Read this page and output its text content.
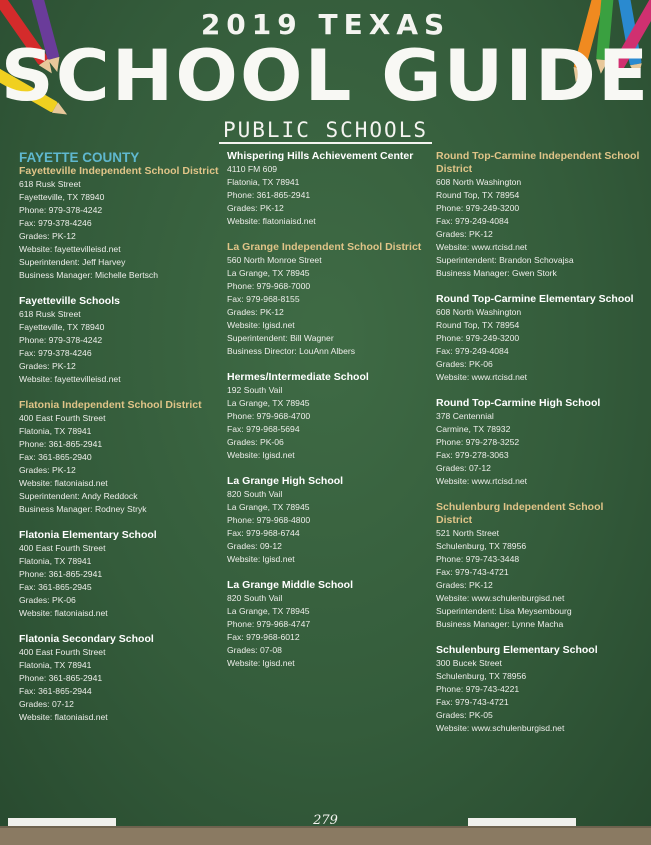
2019 TEXAS
SCHOOL GUIDE
PUBLIC SCHOOLS
FAYETTE COUNTY
Fayetteville Independent School District
618 Rusk Street
Fayetteville, TX 78940
Phone: 979-378-4242
Fax: 979-378-4246
Grades: PK-12
Website: fayettevilleisd.net
Superintendent: Jeff Harvey
Business Manager: Michelle Bertsch
Fayetteville Schools
618 Rusk Street
Fayetteville, TX 78940
Phone: 979-378-4242
Fax: 979-378-4246
Grades: PK-12
Website: fayettevilleisd.net
Flatonia Independent School District
400 East Fourth Street
Flatonia, TX 78941
Phone: 361-865-2941
Fax: 361-865-2940
Grades: PK-12
Website: flatoniaisd.net
Superintendent: Andy Reddock
Business Manager: Rodney Stryk
Flatonia Elementary School
400 East Fourth Street
Flatonia, TX 78941
Phone: 361-865-2941
Fax: 361-865-2945
Grades: PK-06
Website: flatoniaisd.net
Flatonia Secondary School
400 East Fourth Street
Flatonia, TX 78941
Phone: 361-865-2941
Fax: 361-865-2944
Grades: 07-12
Website: flatoniaisd.net
Whispering Hills Achievement Center
4110 FM 609
Flatonia, TX 78941
Phone: 361-865-2941
Grades: PK-12
Website: flatoniaisd.net
La Grange Independent School District
560 North Monroe Street
La Grange, TX 78945
Phone: 979-968-7000
Fax: 979-968-8155
Grades: PK-12
Website: lgisd.net
Superintendent: Bill Wagner
Business Director: LouAnn Albers
Hermes/Intermediate School
192 South Vail
La Grange, TX 78945
Phone: 979-968-4700
Fax: 979-968-5694
Grades: PK-06
Website: lgisd.net
La Grange High School
820 South Vail
La Grange, TX 78945
Phone: 979-968-4800
Fax: 979-968-6744
Grades: 09-12
Website: lgisd.net
La Grange Middle School
820 South Vail
La Grange, TX 78945
Phone: 979-968-4747
Fax: 979-968-6012
Grades: 07-08
Website: lgisd.net
Round Top-Carmine Independent School District
608 North Washington
Round Top, TX 78954
Phone: 979-249-3200
Fax: 979-249-4084
Grades: PK-12
Website: www.rtcisd.net
Superintendent: Brandon Schovajsa
Business Manager: Gwen Stork
Round Top-Carmine Elementary School
608 North Washington
Round Top, TX 78954
Phone: 979-249-3200
Fax: 979-249-4084
Grades: PK-06
Website: www.rtcisd.net
Round Top-Carmine High School
378 Centennial
Carmine, TX 78932
Phone: 979-278-3252
Fax: 979-278-3063
Grades: 07-12
Website: www.rtcisd.net
Schulenburg Independent School District
521 North Street
Schulenburg, TX 78956
Phone: 979-743-3448
Fax: 979-743-4721
Grades: PK-12
Website: www.schulenburgisd.net
Superintendent: Lisa Meysembourg
Business Manager: Lynne Macha
Schulenburg Elementary School
300 Bucek Street
Schulenburg, TX 78956
Phone: 979-743-4221
Fax: 979-743-4721
Grades: PK-05
Website: www.schulenburgisd.net
279
